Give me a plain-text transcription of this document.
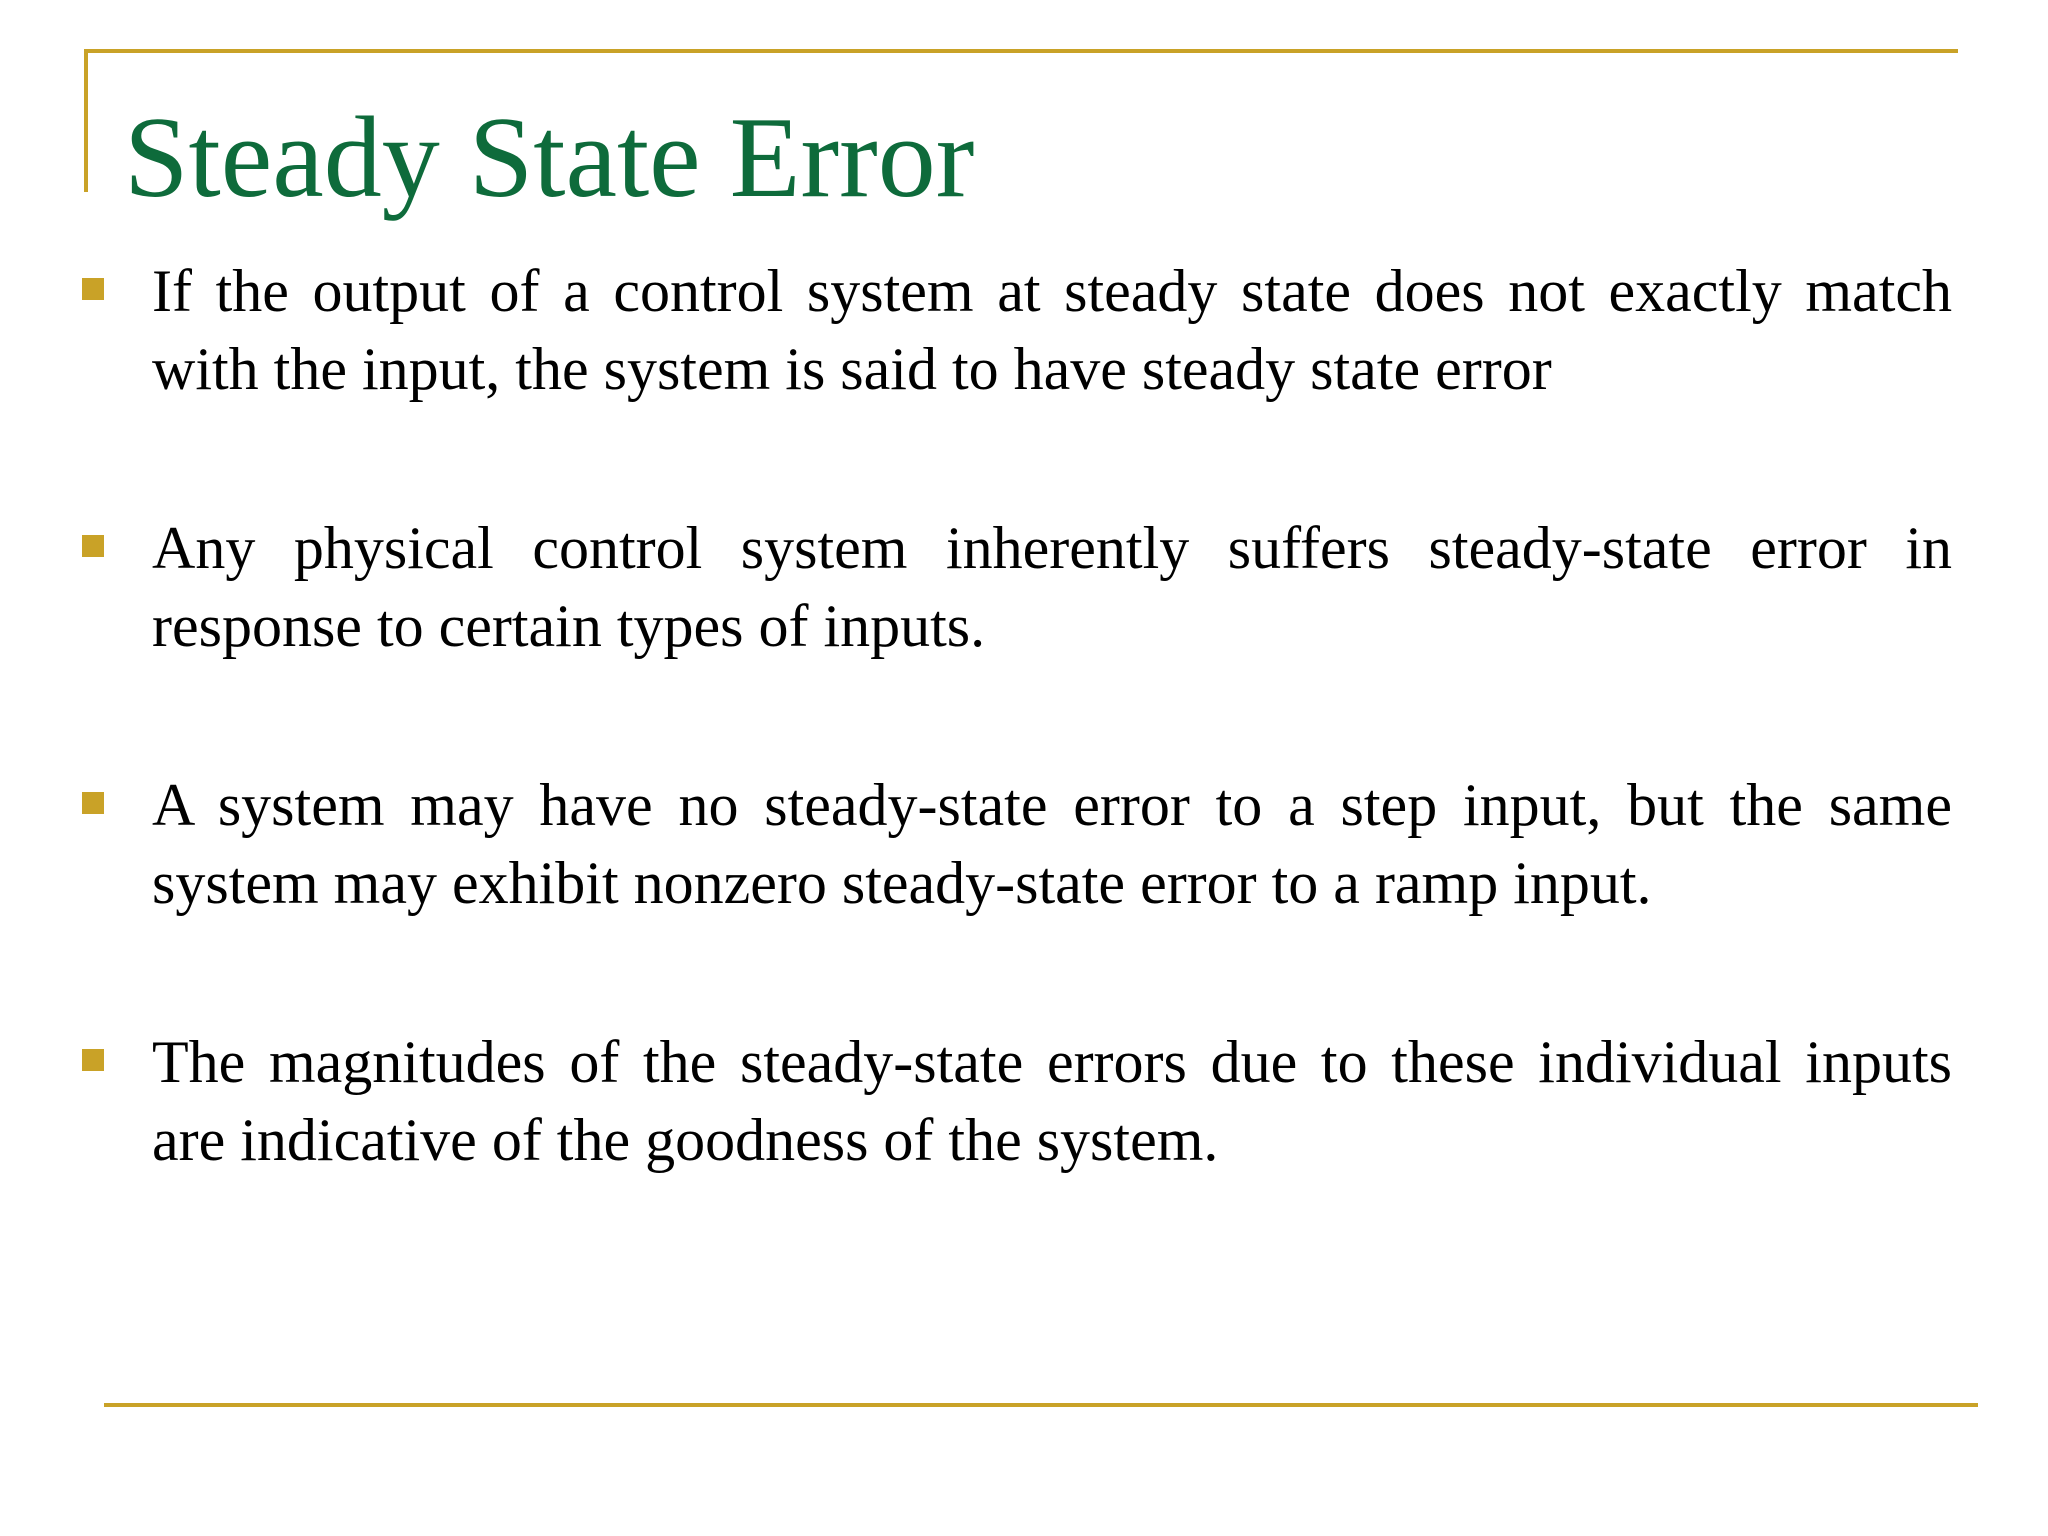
Steady State Error
If the output of a control system at steady state does not exactly match with the input, the system is said to have steady state error
Any physical control system inherently suffers steady-state error in response to certain types of inputs.
A system may have no steady-state error to a step input, but the same system may exhibit nonzero steady-state error to a ramp input.
The magnitudes of the steady-state errors due to these individual inputs are indicative of the goodness of the system.
